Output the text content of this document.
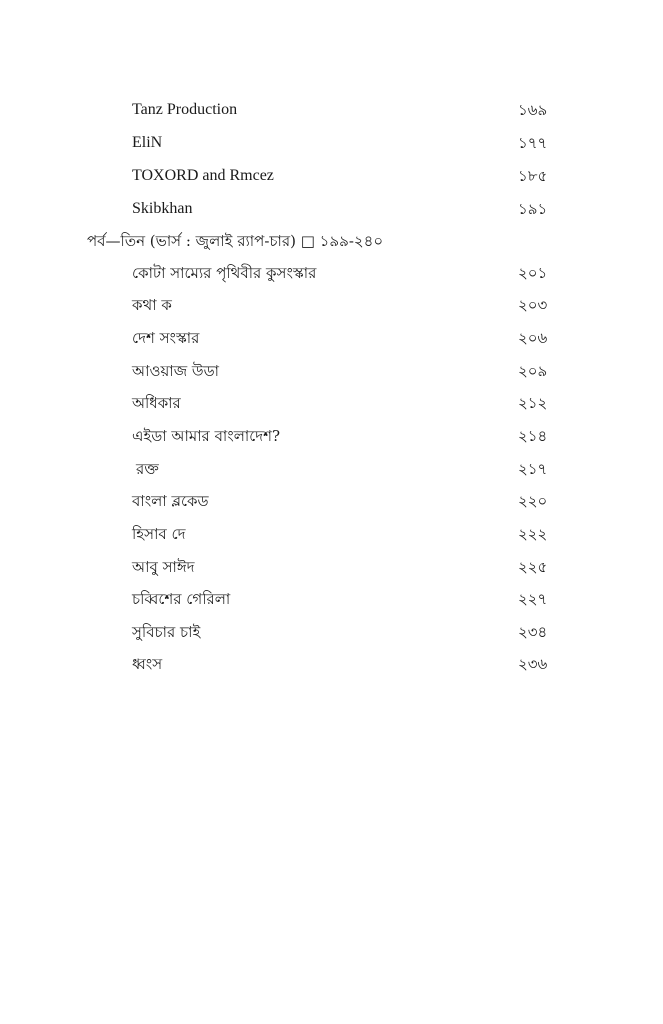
Tanz Production	১৬৯
EliN	১৭৭
TOXORD and Rmcez	১৮৫
Skibkhan	১৯১
পর্ব—তিন (ভার্স : জুলাই র‍্যাপ-চার) □ ১৯৯-২৪০
কোটা সাম্যের পৃথিবীর কুসংস্কার	২০১
কথা ক	২০৩
দেশ সংস্কার	২০৬
আওয়াজ উডা	২০৯
অধিকার	২১২
এইডা আমার বাংলাদেশ?	২১৪
রক্ত	২১৭
বাংলা ব্লকেড	২২০
হিসাব দে	২২২
আবু সাঈদ	২২৫
চব্বিশের গেরিলা	২২৭
সুবিচার চাই	২৩৪
ধ্বংস	২৩৬
